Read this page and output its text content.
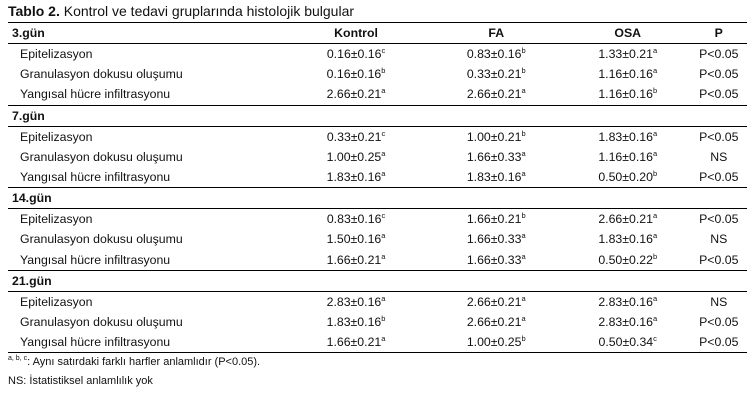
Tablo 2. Kontrol ve tedavi gruplarında histolojik bulgular
3.gün	Kontrol	FA	OSA	P
Epitelizasyon	0.16±0.16$^c$	0.83±0.16$^b$	1.33±0.21$^a$	P<0.05
Granulasyon dokusu oluşumu	0.16±0.16$^b$	0.33±0.21$^b$	1.16±0.16$^a$	P<0.05
Yangısal hücre infiltrasyonu	2.66±0.21$^a$	2.66±0.21$^a$	1.16±0.16$^b$	P<0.05
7.gün				
Epitelizasyon	0.33±0.21$^c$	1.00±0.21$^b$	1.83±0.16$^a$	P<0.05
Granulasyon dokusu oluşumu	1.00±0.25$^a$	1.66±0.33$^a$	1.16±0.16$^a$	NS
Yangısal hücre infiltrasyonu	1.83±0.16$^a$	1.83±0.16$^a$	0.50±0.20$^b$	P<0.05
14.gün				
Epitelizasyon	0.83±0.16$^c$	1.66±0.21$^b$	2.66±0.21$^a$	P<0.05
Granulasyon dokusu oluşumu	1.50±0.16$^a$	1.66±0.33$^a$	1.83±0.16$^a$	NS
Yangısal hücre infiltrasyonu	1.66±0.21$^a$	1.66±0.33$^a$	0.50±0.22$^b$	P<0.05
21.gün				
Epitelizasyon	2.83±0.16$^a$	2.66±0.21$^a$	2.83±0.16$^a$	NS
Granulasyon dokusu oluşumu	1.83±0.16$^b$	2.66±0.21$^a$	2.83±0.16$^a$	P<0.05
Yangısal hücre infiltrasyonu	1.66±0.21$^a$	1.00±0.25$^b$	0.50±0.34$^c$	P<0.05
$^{a, b, c}$: Aynı satırdaki farklı harfler anlamlıdır (P<0.05).
NS: İstatistiksel anlamlılık yok
